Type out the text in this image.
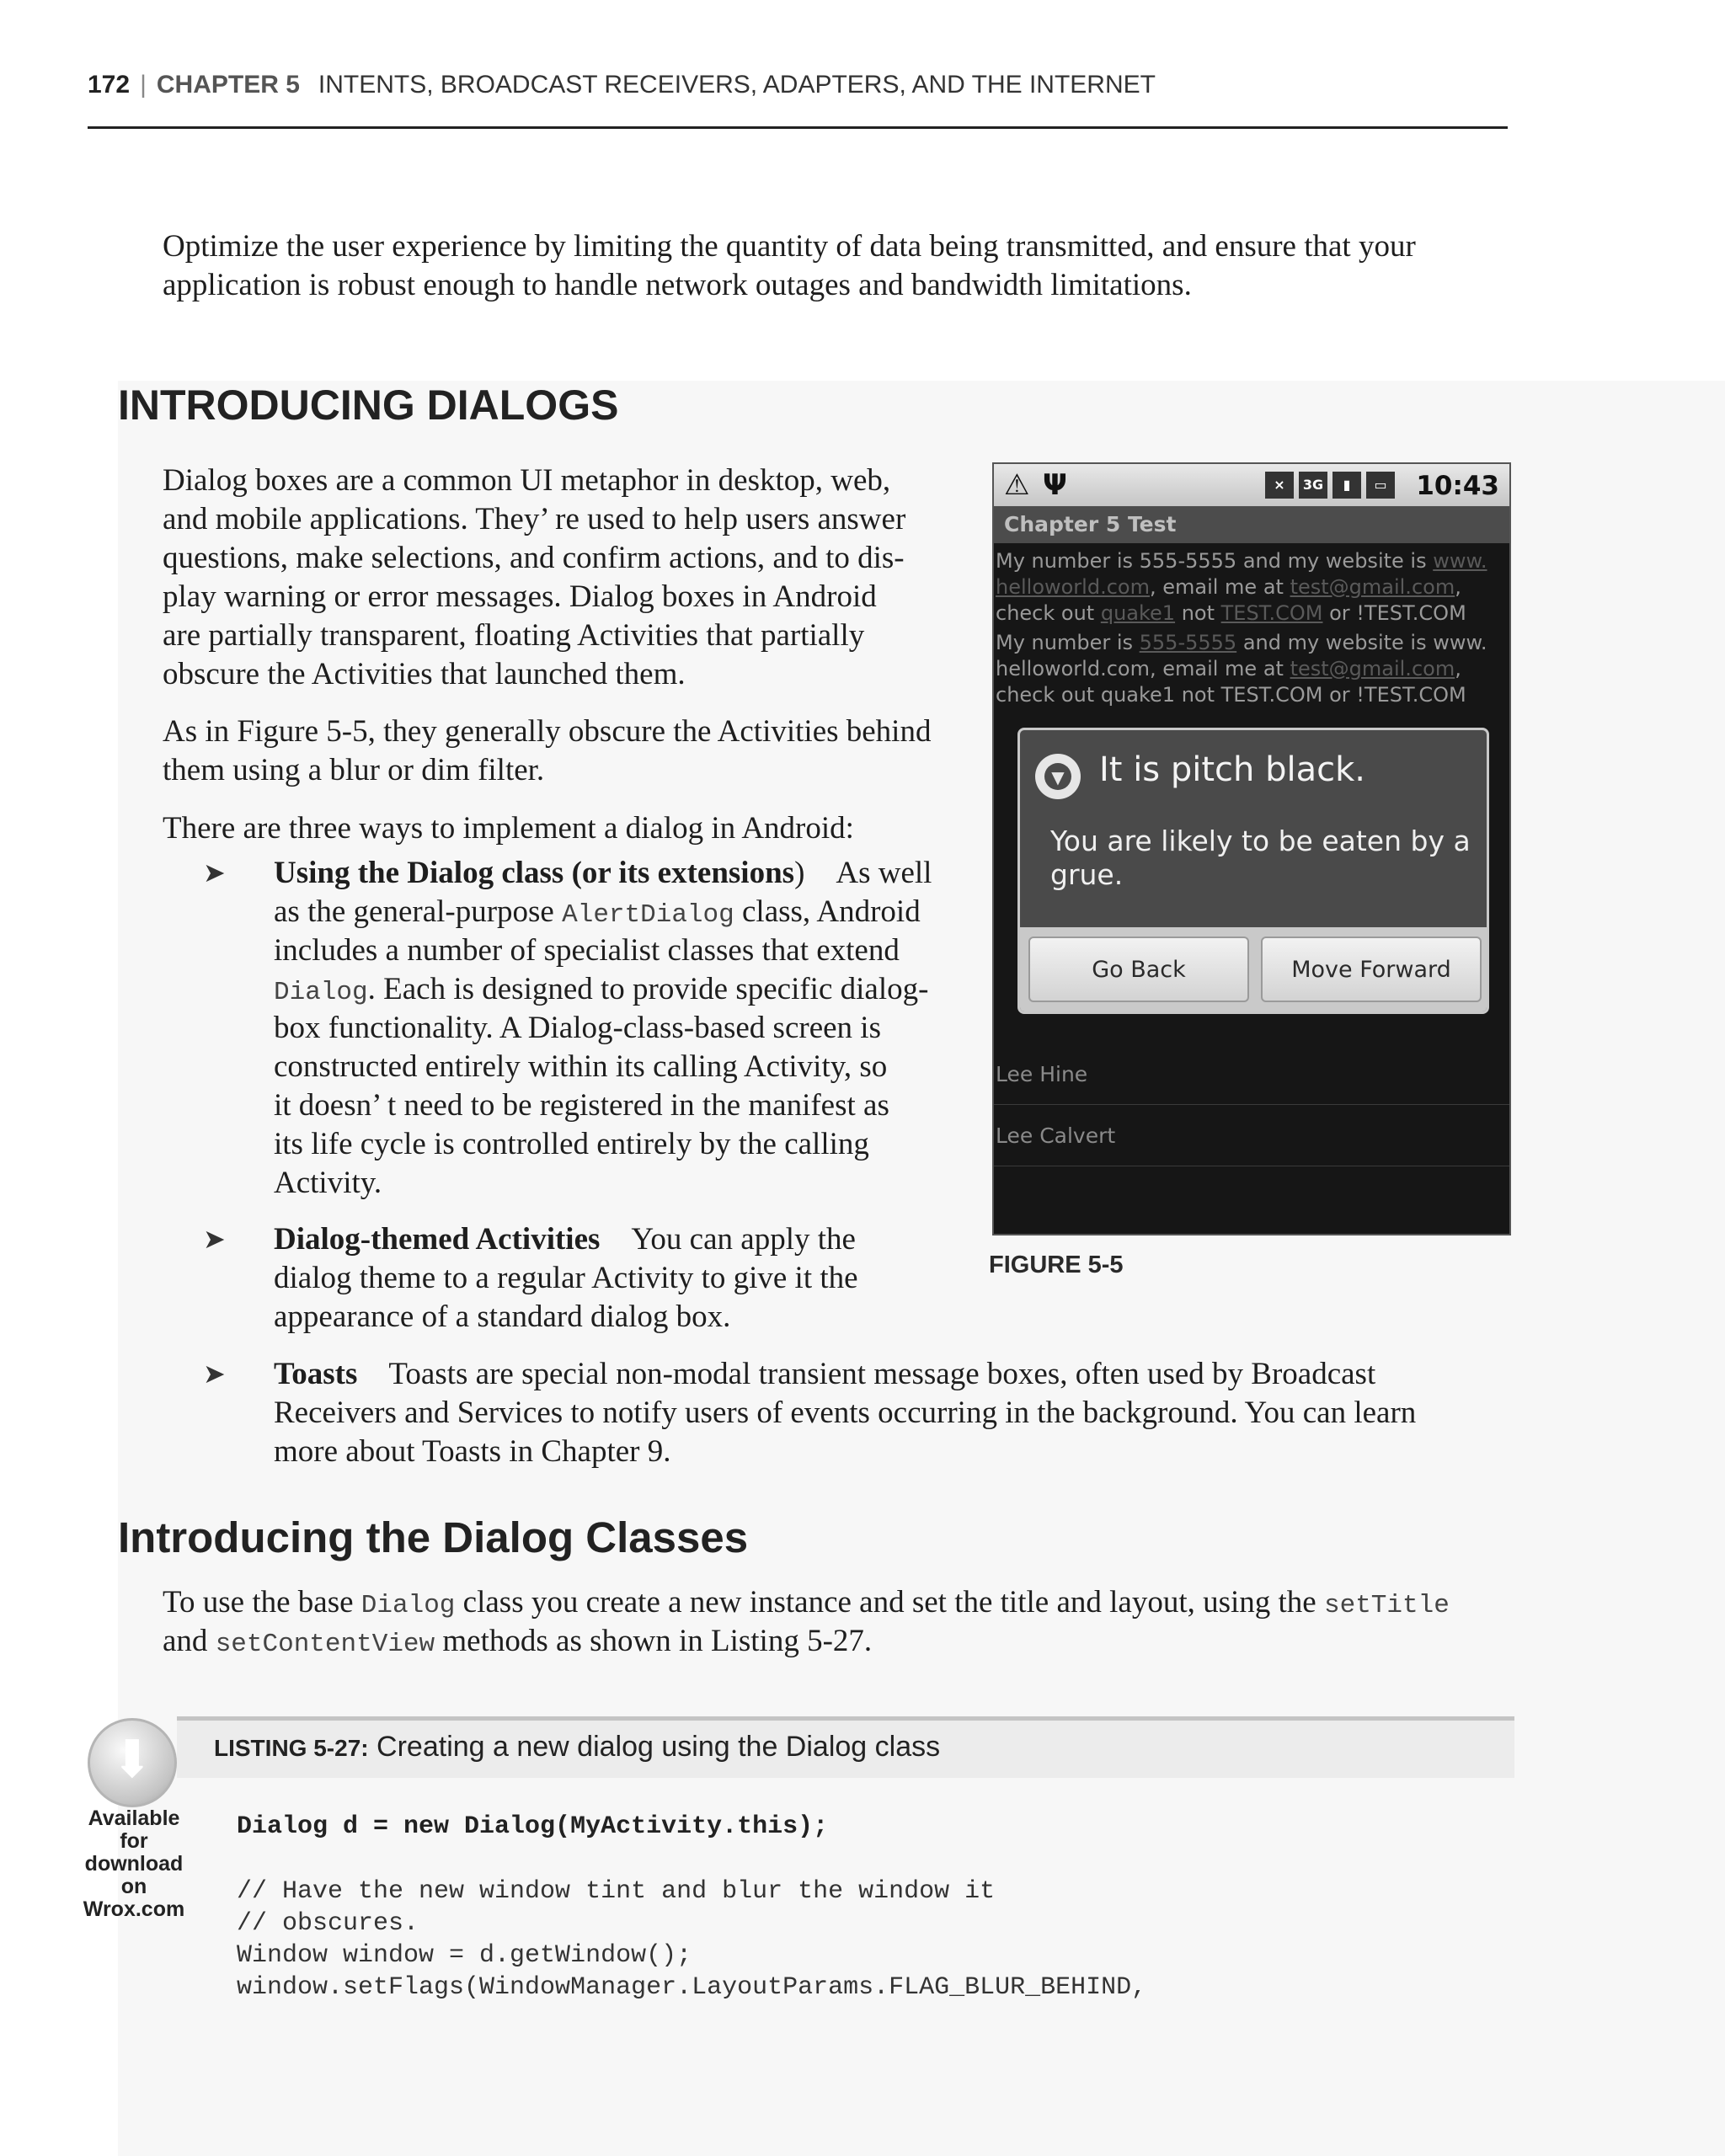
172 | CHAPTER 5 INTENTS, BROADCAST RECEIVERS, ADAPTERS, AND THE INTERNET

Optimize the user experience by limiting the quantity of data being transmitted, and ensure that your

application is robust enough to handle network outages and bandwidth limitations.

INTRODUCING DIALOGS

Dialog boxes are a common UI metaphor in desktop, web,

and mobile applications. They’ re used to help users answer

questions, make selections, and confirm actions, and to dis-

play warning or error messages. Dialog boxes in Android

are partially transparent, floating Activities that partially

obscure the Activities that launched them.

As in Figure 5-5, they generally obscure the Activities behind

them using a blur or dim filter.

There are three ways to implement a dialog in Android:

➤ Using the Dialog class (or its extensions) As well

as the general-purpose AlertDialog class, Android

includes a number of specialist classes that extend

Dialog. Each is designed to provide specific dialog-

box functionality. A Dialog-class-based screen is

constructed entirely within its calling Activity, so

it doesn’ t need to be registered in the manifest as

its life cycle is controlled entirely by the calling

Activity.

➤ Dialog-themed Activities You can apply the

dialog theme to a regular Activity to give it the

appearance of a standard dialog box.

➤ Toasts Toasts are special non-modal transient message boxes, often used by Broadcast

Receivers and Services to notify users of events occurring in the background. You can learn

more about Toasts in Chapter 9.

⚠ Ψ	×	3G	▮	▭	10:43
Chapter 5 Test
My number is 555-5555 and my website is www.
helloworld.com, email me at test@gmail.com,
check out quake1 not TEST.COM or !TEST.COM
My number is 555-5555 and my website is www.
helloworld.com, email me at test@gmail.com,
check out quake1 not TEST.COM or !TEST.COM
Lee Hine
Lee Calvert
▼ It is pitch black.
You are likely to be eaten by a grue.
Go Back	Move Forward
FIGURE 5-5
Introducing the Dialog Classes

To use the base Dialog class you create a new instance and set the title and layout, using the setTitle

and setContentView methods as shown in Listing 5-27.

LISTING 5-27: Creating a new dialog using the Dialog class
⬇
Available for
download on
Wrox.com
Dialog d = new Dialog(MyActivity.this);
// Have the new window tint and blur the window it
// obscures.
Window window = d.getWindow();
window.setFlags(WindowManager.LayoutParams.FLAG_BLUR_BEHIND,
